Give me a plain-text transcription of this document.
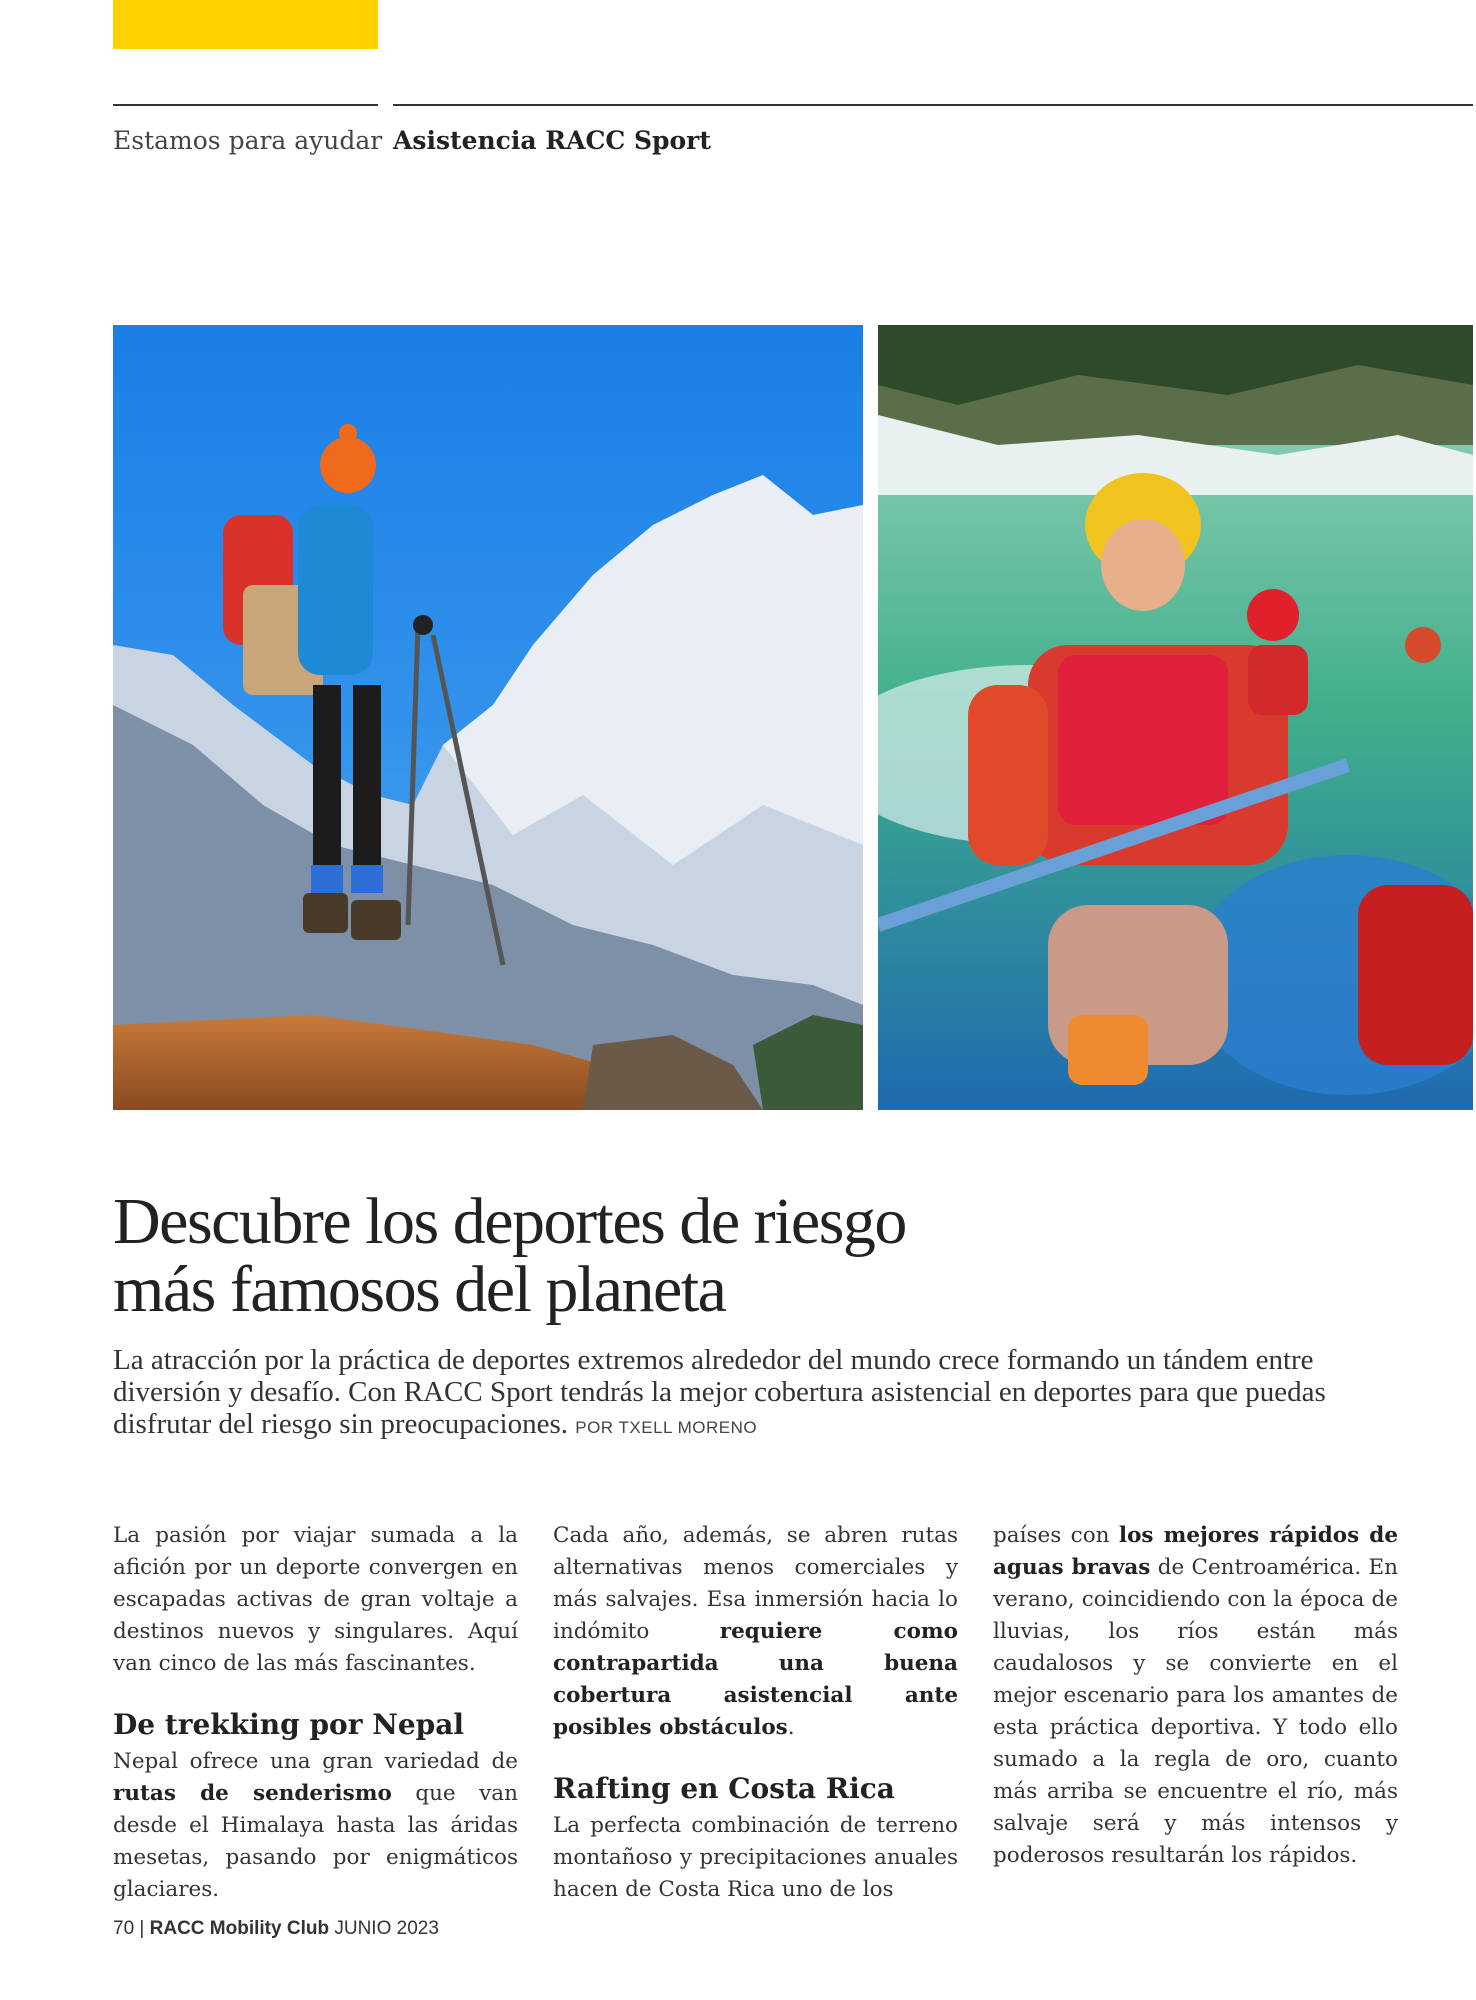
Estamos para ayudar Asistencia RACC Sport
Descubre los deportes de riesgo
más famosos del planeta
La atracción por la práctica de deportes extremos alrededor del mundo crece formando un tándem entre diversión y desafío. Con RACC Sport tendrás la mejor cobertura asistencial en deportes para que puedas disfrutar del riesgo sin preocupaciones. POR TXELL MORENO

La pasión por viajar sumada a la afición por un deporte convergen en escapadas activas de gran voltaje a destinos nuevos y singulares. Aquí van cinco de las más fascinantes.

De trekking por Nepal

Nepal ofrece una gran variedad de rutas de senderismo que van desde el Himalaya hasta las áridas mesetas, pasando por enigmáticos glaciares.

Cada año, además, se abren rutas alternativas menos comerciales y más salvajes. Esa inmersión hacia lo indómito requiere como contrapartida una buena cobertura asistencial ante posibles obstáculos.

Rafting en Costa Rica

La perfecta combinación de terreno montañoso y precipitaciones anuales hacen de Costa Rica uno de los

países con los mejores rápidos de aguas bravas de Centroamérica. En verano, coincidiendo con la época de lluvias, los ríos están más caudalosos y se convierte en el mejor escenario para los amantes de esta práctica deportiva. Y todo ello sumado a la regla de oro, cuanto más arriba se encuentre el río, más salvaje será y más intensos y poderosos resultarán los rápidos.

70 | RACC Mobility Club JUNIO 2023
